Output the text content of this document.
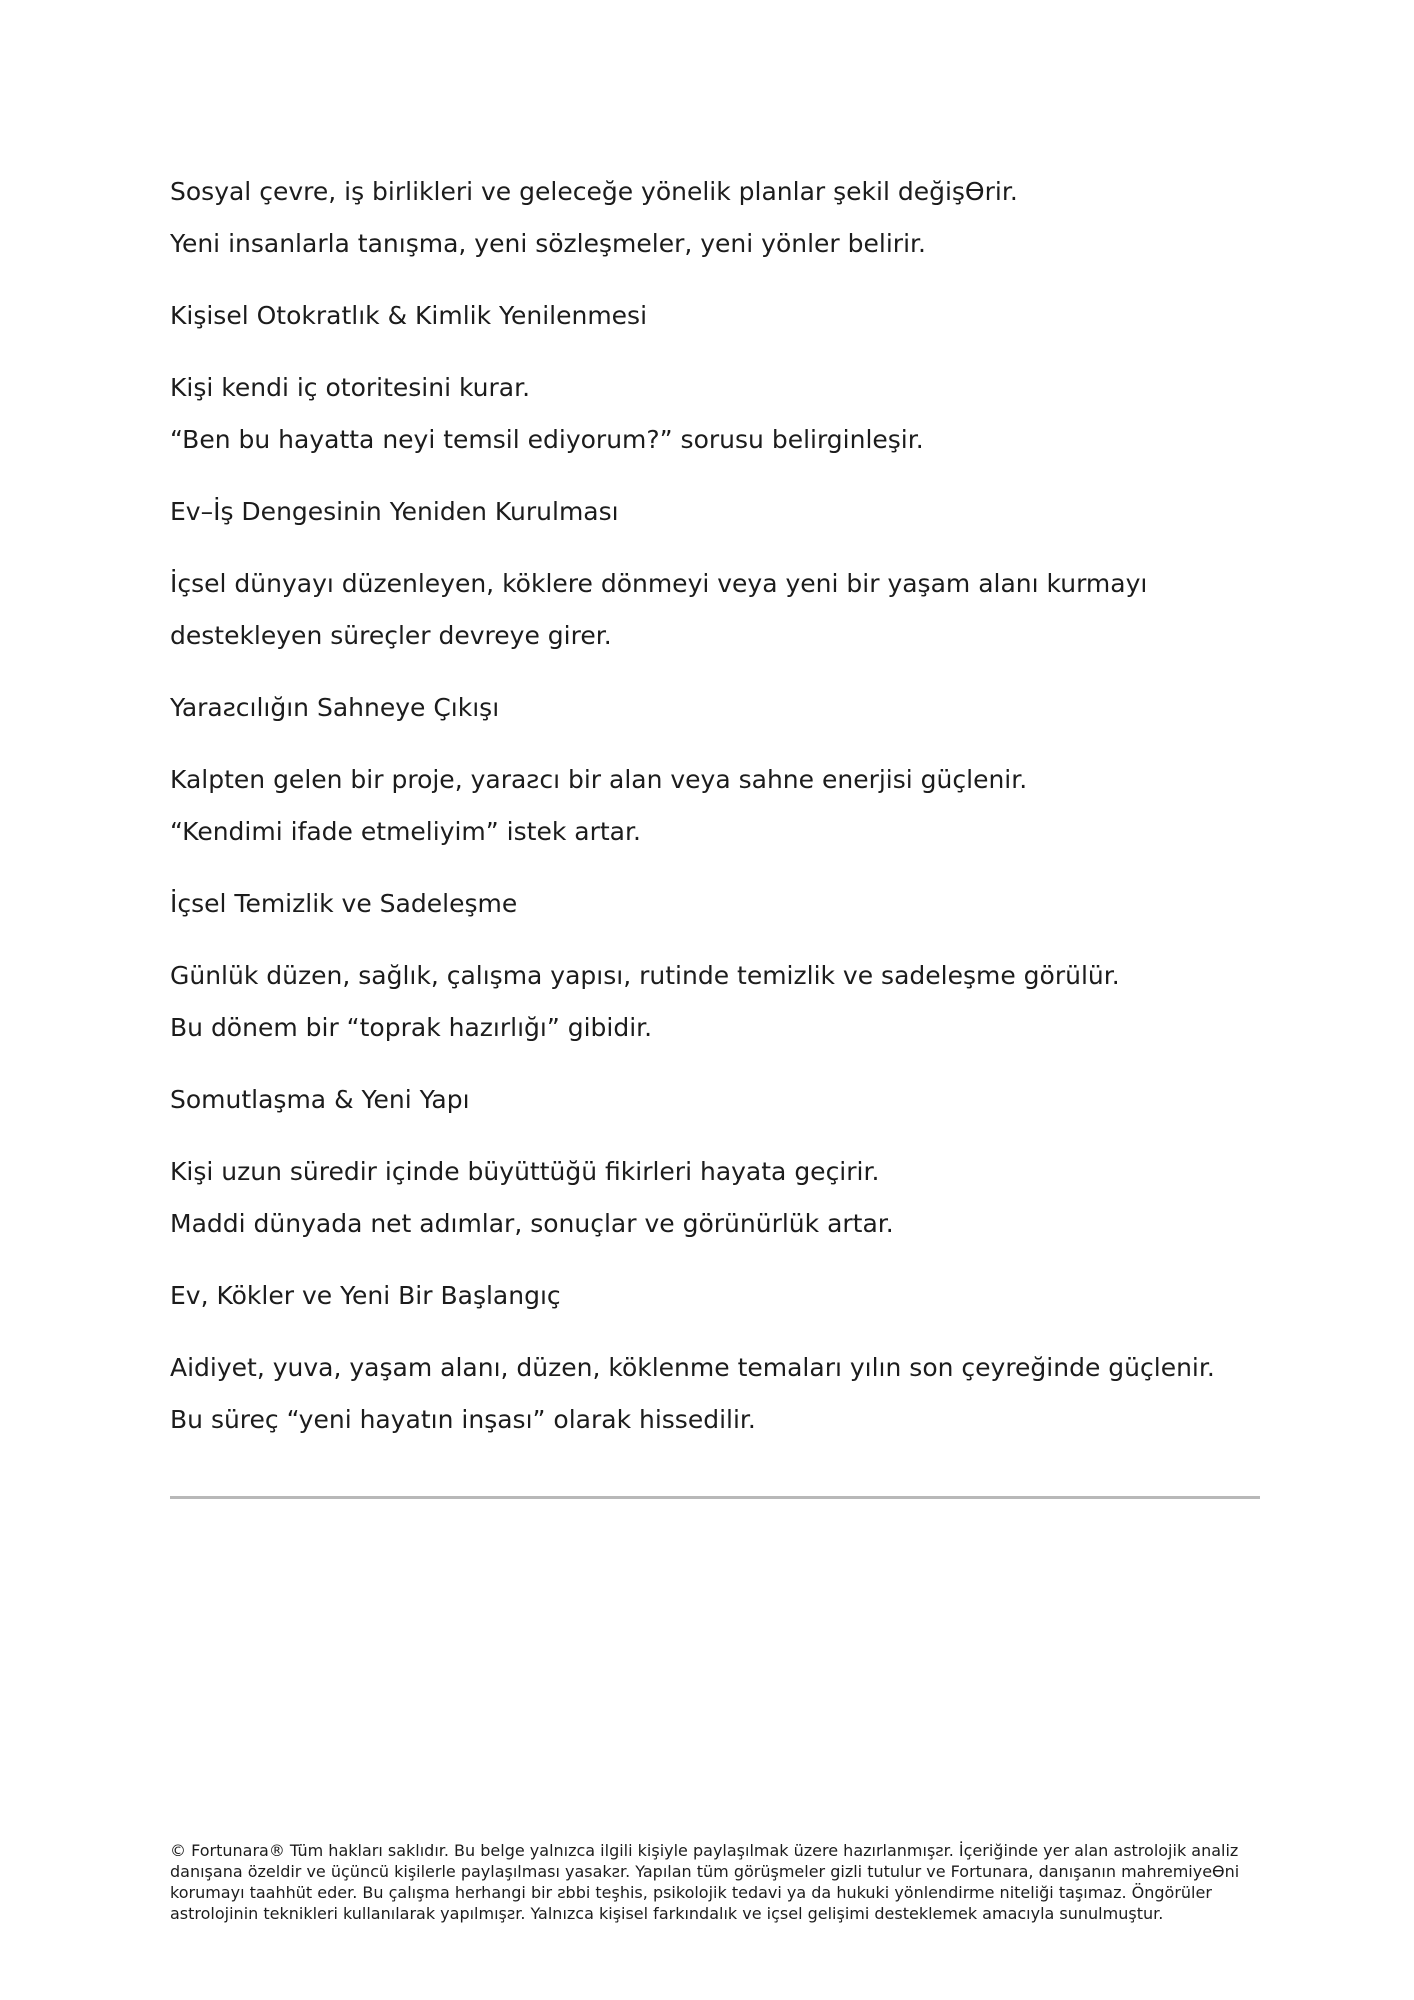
Sosyal çevre, iş birlikleri ve geleceğe yönelik planlar şekil değişƟrir.

Yeni insanlarla tanışma, yeni sözleşmeler, yeni yönler belirir.

Kişisel Otokratlık & Kimlik Yenilenmesi

Kişi kendi iç otoritesini kurar.

“Ben bu hayatta neyi temsil ediyorum?” sorusu belirginleşir.

Ev–İş Dengesinin Yeniden Kurulması

İçsel dünyayı düzenleyen, köklere dönmeyi veya yeni bir yaşam alanı kurmayı destekleyen süreçler devreye girer.

Yaraƨcılığın Sahneye Çıkışı

Kalpten gelen bir proje, yaraƨcı bir alan veya sahne enerjisi güçlenir.

“Kendimi ifade etmeliyim” istek artar.

İçsel Temizlik ve Sadeleşme

Günlük düzen, sağlık, çalışma yapısı, rutinde temizlik ve sadeleşme görülür.

Bu dönem bir “toprak hazırlığı” gibidir.

Somutlaşma & Yeni Yapı

Kişi uzun süredir içinde büyüttüğü fikirleri hayata geçirir.

Maddi dünyada net adımlar, sonuçlar ve görünürlük artar.

Ev, Kökler ve Yeni Bir Başlangıç

Aidiyet, yuva, yaşam alanı, düzen, köklenme temaları yılın son çeyreğinde güçlenir.

Bu süreç “yeni hayatın inşası” olarak hissedilir.

© Fortunara® Tüm hakları saklıdır. Bu belge yalnızca ilgili kişiyle paylaşılmak üzere hazırlanmışƨr. İçeriğinde yer alan astrolojik analiz danışana özeldir ve üçüncü kişilerle paylaşılması yasakƨr. Yapılan tüm görüşmeler gizli tutulur ve Fortunara, danışanın mahremiyeƟni korumayı taahhüt eder. Bu çalışma herhangi bir ƨbbi teşhis, psikolojik tedavi ya da hukuki yönlendirme niteliği taşımaz. Öngörüler astrolojinin teknikleri kullanılarak yapılmışƨr. Yalnızca kişisel farkındalık ve içsel gelişimi desteklemek amacıyla sunulmuştur.
